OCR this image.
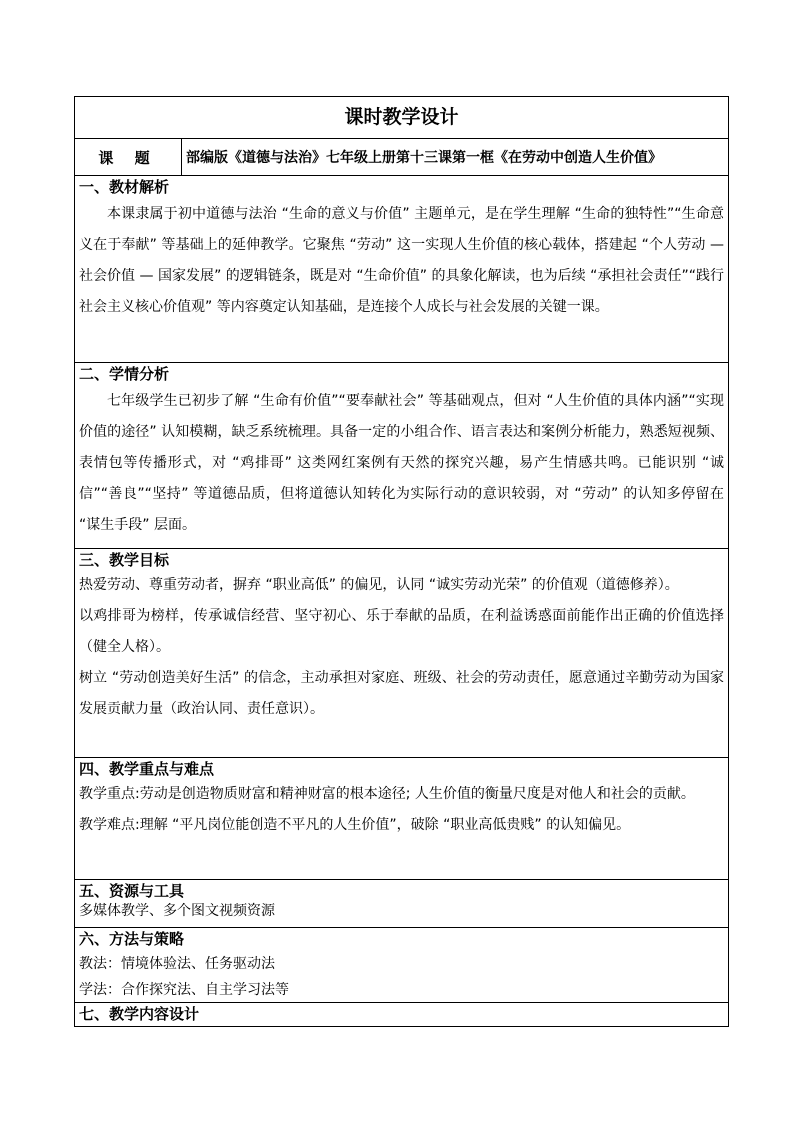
课时教学设计
课 题	部编版《道德与法治》七年级上册第十三课第一框《在劳动中创造人生价值》

一、教材解析

本课隶属于初中道德与法治 “生命的意义与价值” 主题单元，是在学生理解 “生命的独特性”“生命意义在于奉献” 等基础上的延伸教学。它聚焦 “劳动” 这一实现人生价值的核心载体，搭建起 “个人劳动 — 社会价值 — 国家发展” 的逻辑链条，既是对 “生命价值” 的具象化解读，也为后续 “承担社会责任”“践行社会主义核心价值观” 等内容奠定认知基础，是连接个人成长与社会发展的关键一课。

二、学情分析

七年级学生已初步了解 “生命有价值”“要奉献社会” 等基础观点，但对 “人生价值的具体内涵”“实现价值的途径” 认知模糊，缺乏系统梳理。具备一定的小组合作、语言表达和案例分析能力，熟悉短视频、表情包等传播形式，对 “鸡排哥” 这类网红案例有天然的探究兴趣，易产生情感共鸣。已能识别 “诚信”“善良”“坚持” 等道德品质，但将道德认知转化为实际行动的意识较弱，对 “劳动” 的认知多停留在 “谋生手段” 层面。

三、教学目标

热爱劳动、尊重劳动者，摒弃 “职业高低” 的偏见，认同 “诚实劳动光荣” 的价值观（道德修养）。

以鸡排哥为榜样，传承诚信经营、坚守初心、乐于奉献的品质，在利益诱惑面前能作出正确的价值选择（健全人格）。

树立 “劳动创造美好生活” 的信念，主动承担对家庭、班级、社会的劳动责任，愿意通过辛勤劳动为国家发展贡献力量（政治认同、责任意识）。

四、教学重点与难点

教学重点:劳动是创造物质财富和精神财富的根本途径; 人生价值的衡量尺度是对他人和社会的贡献。

教学难点:理解 “平凡岗位能创造不平凡的人生价值”，破除 “职业高低贵贱” 的认知偏见。

五、资源与工具

多媒体教学、多个图文视频资源

六、方法与策略

教法：情境体验法、任务驱动法

学法：合作探究法、自主学习法等

七、教学内容设计
